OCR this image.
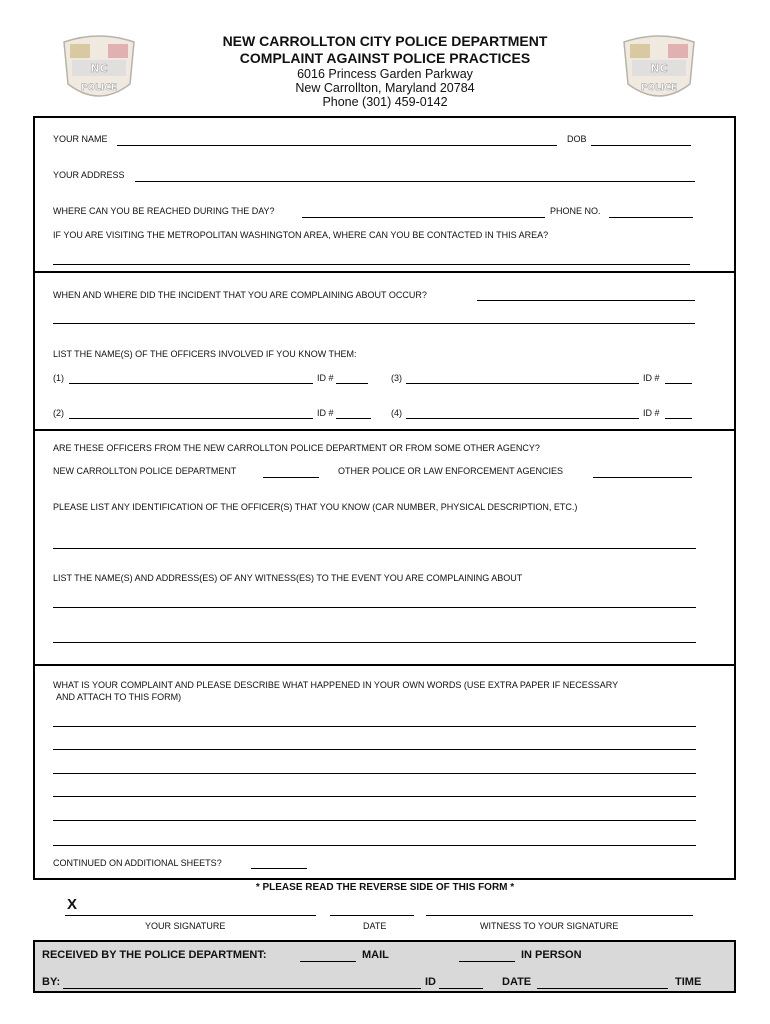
NEW CARROLLTON CITY POLICE DEPARTMENT
COMPLAINT AGAINST POLICE PRACTICES
6016 Princess Garden Parkway
New Carrollton, Maryland 20784
Phone (301) 459-0142
NC
POLICE
NC
POLICE
YOUR NAME	DOB
YOUR ADDRESS
WHERE CAN YOU BE REACHED DURING THE DAY?	PHONE NO.
IF YOU ARE VISITING THE METROPOLITAN WASHINGTON AREA, WHERE CAN YOU BE CONTACTED IN THIS AREA?
WHEN AND WHERE DID THE INCIDENT THAT YOU ARE COMPLAINING ABOUT OCCUR?
LIST THE NAME(S) OF THE OFFICERS INVOLVED IF YOU KNOW THEM:
(1)	ID #	(3)	ID #
(2)	ID #	(4)	ID #
ARE THESE OFFICERS FROM THE NEW CARROLLTON POLICE DEPARTMENT OR FROM SOME OTHER AGENCY?
NEW CARROLLTON POLICE DEPARTMENT	OTHER POLICE OR LAW ENFORCEMENT AGENCIES
PLEASE LIST ANY IDENTIFICATION OF THE OFFICER(S) THAT YOU KNOW (CAR NUMBER, PHYSICAL DESCRIPTION, ETC.)
LIST THE NAME(S) AND ADDRESS(ES) OF ANY WITNESS(ES) TO THE EVENT YOU ARE COMPLAINING ABOUT
WHAT IS YOUR COMPLAINT AND PLEASE DESCRIBE WHAT HAPPENED IN YOUR OWN WORDS (USE EXTRA PAPER IF NECESSARY
AND ATTACH TO THIS FORM)
CONTINUED ON ADDITIONAL SHEETS?
* PLEASE READ THE REVERSE SIDE OF THIS FORM *
X
YOUR SIGNATURE	DATE	WITNESS TO YOUR SIGNATURE
RECEIVED BY THE POLICE DEPARTMENT:	MAIL	IN PERSON
BY:	ID	DATE	TIME
